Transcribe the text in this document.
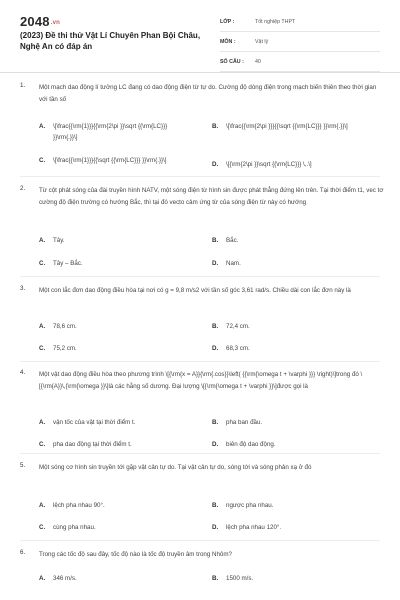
2048.vn
(2023) Đề thi thử Vật Lí Chuyên Phan Bội Châu, Nghệ An có đáp án
LỚP :	Tốt nghiệp THPT
MÔN :	Vật lý
SỐ CÂU :	40
1. Một mạch dao động lí tưởng LC đang có dao động điện từ tự do. Cường độ dòng điện trong mạch biến thiên theo thời gian với tần số
A. \[\frac{{\rm{1}}}{{\rm{2\pi }}\sqrt {{\rm{LC}}} }}\rm{.}}\]
B. \[\frac{{\rm{2\pi }}}{{\sqrt {{\rm{LC}}} }}\rm{.}}\]
C. \[\frac{{\rm{1}}}{{\sqrt {{\rm{LC}}} }}\rm{.}}\]
D. \[{\rm{2\pi }}\sqrt {{\rm{LC}}} \,.\]
2. Từ cột phát sóng của đài truyền hình NATV, một sóng điện từ hình sin được phát thẳng đứng lên trên. Tại thời điểm t1, vec tơ cường độ điện trường có hướng Bắc, thì tại đó vecto cảm ứng từ của sóng điện từ này có hướng
A. Tây.	B. Bắc.
C. Tây – Bắc.	D. Nam.
3. Một con lắc đơn dao động điều hòa tại nơi có g = 9,8 m/s2 với tần số góc 3,61 rad/s. Chiều dài con lắc đơn này là
A. 78,6 cm.	B. 72,4 cm.
C. 75,2 cm.	D. 68,3 cm.
4. Một vật dao động điều hòa theo phương trình \[{\rm{x = A}}{\rm{.cos}}\left( {{\rm{\omega t + \varphi }}} \right)\]trong đó \[{\rm{A}}\,{\rm{\omega }}\]là các hằng số dương. Đại lượng \[{\rm{\omega t + \varphi }}\]được gọi là
A. vận tốc của vật tại thời điểm t.	B. pha ban đầu.
C. pha dao động tại thời điểm t.	D. biên độ dao động.
5. Một sóng cơ hình sin truyền tới gặp vật cản tự do. Tại vật cản tự do, sóng tới và sóng phản xạ ở đó
A. lệch pha nhau 90°.	B. ngược pha nhau.
C. cùng pha nhau.	D. lệch pha nhau 120°.
6. Trong các tốc độ sau đây, tốc độ nào là tốc độ truyền âm trong Nhôm?
A. 346 m/s.	B. 1500 m/s.
